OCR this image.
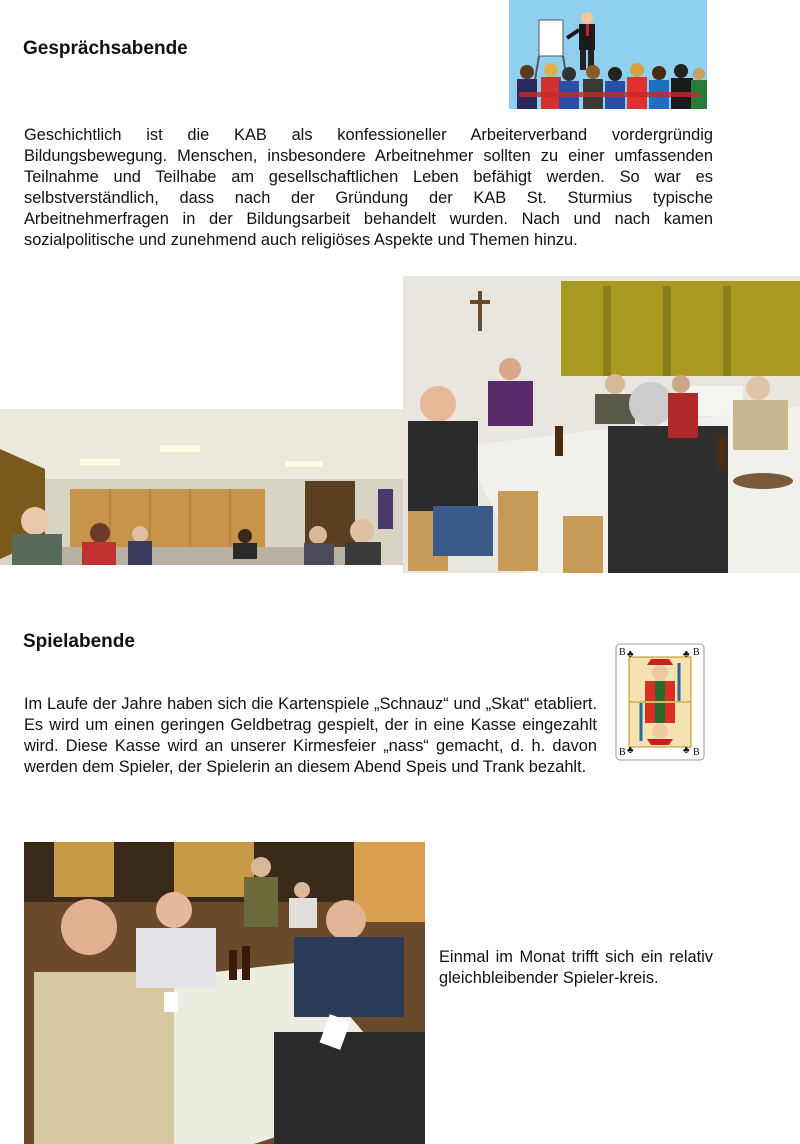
Gesprächsabende

Geschichtlich ist die KAB als konfessioneller Arbeiterverband vordergründig Bildungsbewegung. Menschen, insbesondere Arbeitnehmer sollten zu einer umfassenden Teilnahme und Teilhabe am gesellschaftlichen Leben befähigt werden. So war es selbstverständlich, dass nach der Gründung der KAB St. Sturmius typische Arbeitnehmerfragen in der Bildungsarbeit behandelt wurden. Nach und nach kamen sozialpolitische und zunehmend auch religiöses Aspekte und Themen hinzu.

Spielabende
B	B
B	B
♣	♣
♣	♣

Im Laufe der Jahre haben sich die Kartenspiele „Schnauz“ und „Skat“ etabliert. Es wird um einen geringen Geldbetrag gespielt, der in eine Kasse eingezahlt wird. Diese Kasse wird an unserer Kirmesfeier „nass“ gemacht, d. h. davon werden dem Spieler, der Spielerin an diesem Abend Speis und Trank bezahlt.

Einmal im Monat trifft sich ein relativ gleichbleibender Spieler-kreis.
